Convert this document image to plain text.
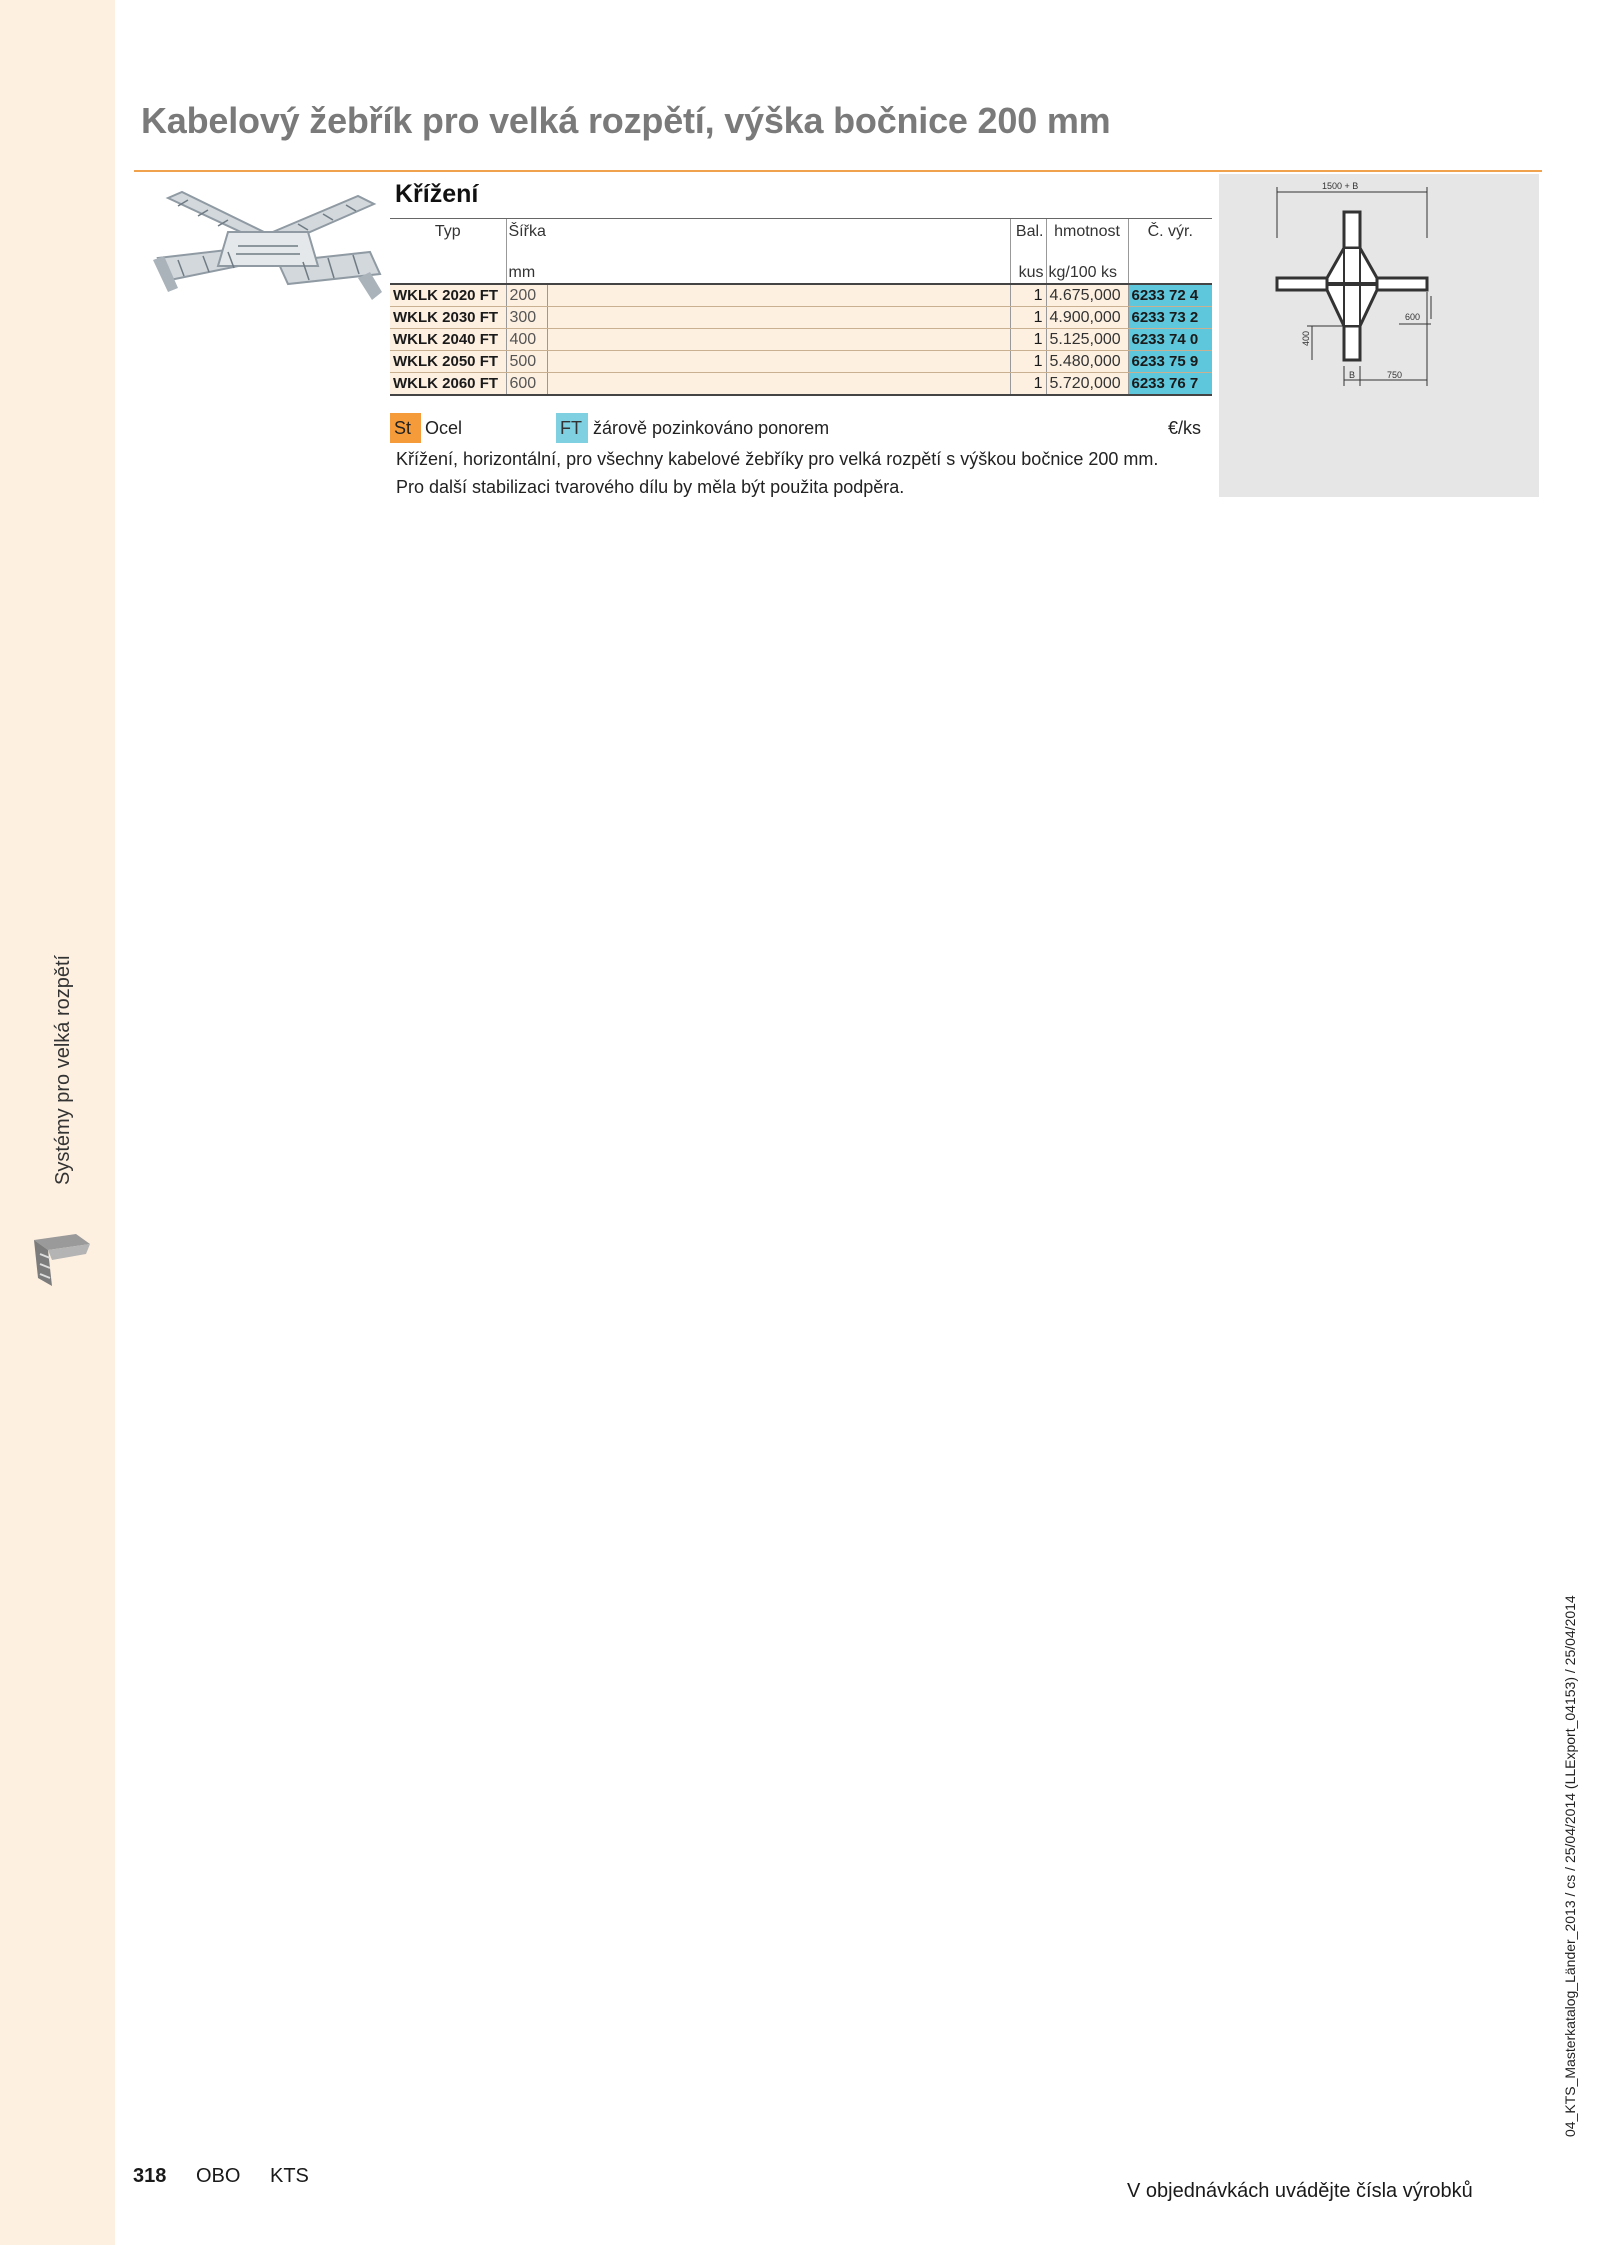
Systémy pro velká rozpětí
Kabelový žebřík pro velká rozpětí, výška bočnice 200 mm
Křížení
Typ	Šířka		Bal.	hmotnost	Č. výr.
	mm		kus	kg/100 ks	
WKLK 2020 FT	200		1	4.675,000	6233 72 4
WKLK 2030 FT	300		1	4.900,000	6233 73 2
WKLK 2040 FT	400		1	5.125,000	6233 74 0
WKLK 2050 FT	500		1	5.480,000	6233 75 9
WKLK 2060 FT	600		1	5.720,000	6233 76 7
St Ocel	FT žárově pozinkováno ponorem	€/ks
Křížení, horizontální, pro všechny kabelové žebříky pro velká rozpětí s výškou bočnice 200 mm.
Pro další stabilizaci tvarového dílu by měla být použita podpěra.
1500 + B
600
400
B	750
318 OBO KTS
V objednávkách uvádějte čísla výrobků
04_KTS_Masterkatalog_Länder_2013 / cs / 25/04/2014 (LLExport_04153) / 25/04/2014
